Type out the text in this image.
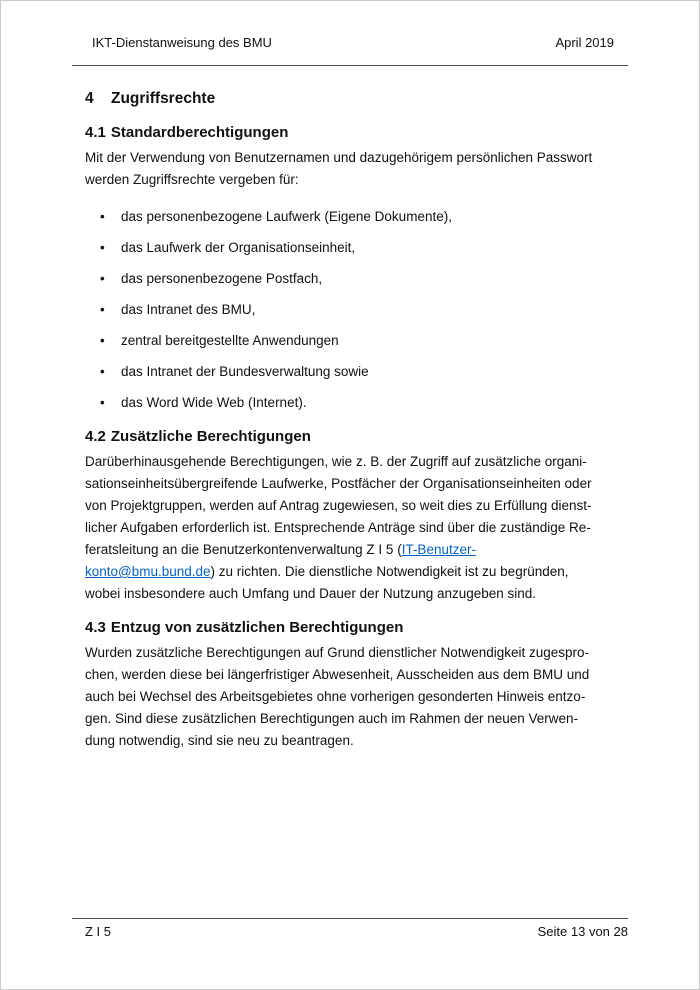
IKT-Dienstanweisung des BMU	April 2019
4 Zugriffsrechte
4.1 Standardberechtigungen

Mit der Verwendung von Benutzernamen und dazugehörigem persönlichen Passwort
werden Zugriffsrechte vergeben für:

•	das personenbezogene Laufwerk (Eigene Dokumente),
•	das Laufwerk der Organisationseinheit,
•	das personenbezogene Postfach,
•	das Intranet des BMU,
•	zentral bereitgestellte Anwendungen
•	das Intranet der Bundesverwaltung sowie
•	das Word Wide Web (Internet).
4.2 Zusätzliche Berechtigungen

Darüberhinausgehende Berechtigungen, wie z. B. der Zugriff auf zusätzliche organi-
sationseinheitsübergreifende Laufwerke, Postfächer der Organisationseinheiten oder
von Projektgruppen, werden auf Antrag zugewiesen, so weit dies zu Erfüllung dienst-
licher Aufgaben erforderlich ist. Entsprechende Anträge sind über die zuständige Re-
feratsleitung an die Benutzerkontenverwaltung Z I 5 (IT-Benutzer-
konto@bmu.bund.de) zu richten. Die dienstliche Notwendigkeit ist zu begründen,
wobei insbesondere auch Umfang und Dauer der Nutzung anzugeben sind.

4.3 Entzug von zusätzlichen Berechtigungen

Wurden zusätzliche Berechtigungen auf Grund dienstlicher Notwendigkeit zugespro-
chen, werden diese bei längerfristiger Abwesenheit, Ausscheiden aus dem BMU und
auch bei Wechsel des Arbeitsgebietes ohne vorherigen gesonderten Hinweis entzo-
gen. Sind diese zusätzlichen Berechtigungen auch im Rahmen der neuen Verwen-
dung notwendig, sind sie neu zu beantragen.

Z I 5	Seite 13 von 28
